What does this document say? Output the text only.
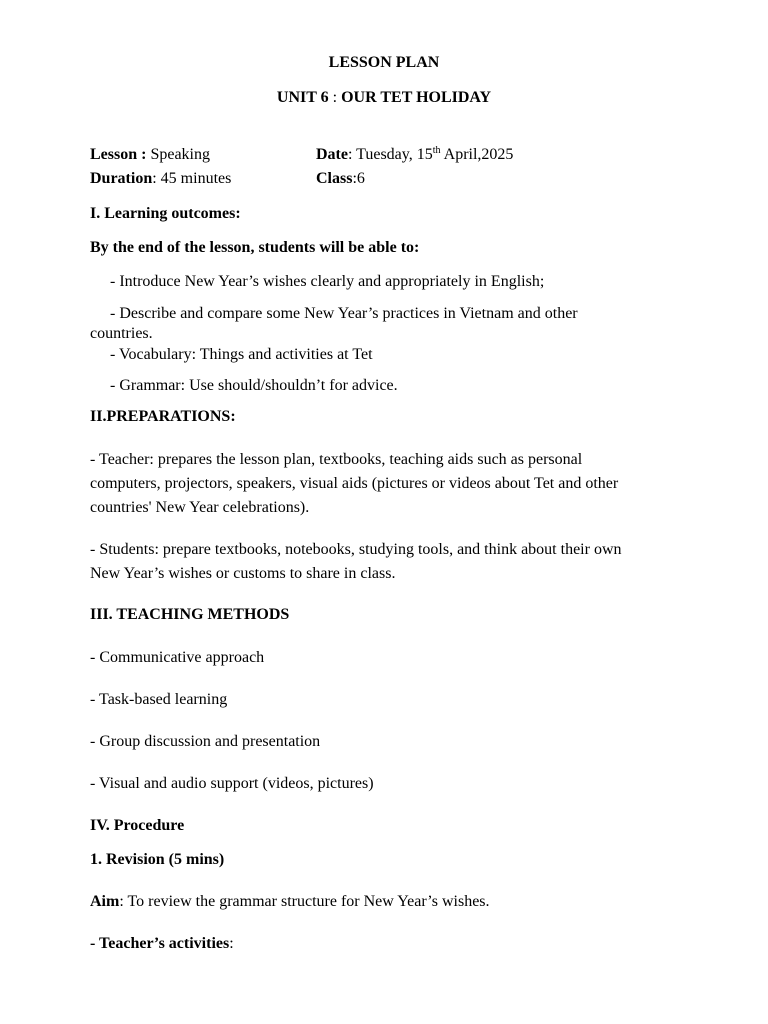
LESSON PLAN
UNIT 6 : OUR TET HOLIDAY
Lesson : Speaking	Date: Tuesday, 15th April,2025
Duration: 45 minutes	Class:6
I. Learning outcomes:
By the end of the lesson, students will be able to:
- Introduce New Year’s wishes clearly and appropriately in English;
- Describe and compare some New Year’s practices in Vietnam and other
countries.
- Vocabulary: Things and activities at Tet
- Grammar: Use should/shouldn’t for advice.
II.PREPARATIONS:
- Teacher: prepares the lesson plan, textbooks, teaching aids such as personal
computers, projectors, speakers, visual aids (pictures or videos about Tet and other
countries' New Year celebrations).
- Students: prepare textbooks, notebooks, studying tools, and think about their own
New Year’s wishes or customs to share in class.
III. TEACHING METHODS
- Communicative approach
- Task-based learning
- Group discussion and presentation
- Visual and audio support (videos, pictures)
IV. Procedure
1. Revision (5 mins)
Aim: To review the grammar structure for New Year’s wishes.
- Teacher’s activities:
